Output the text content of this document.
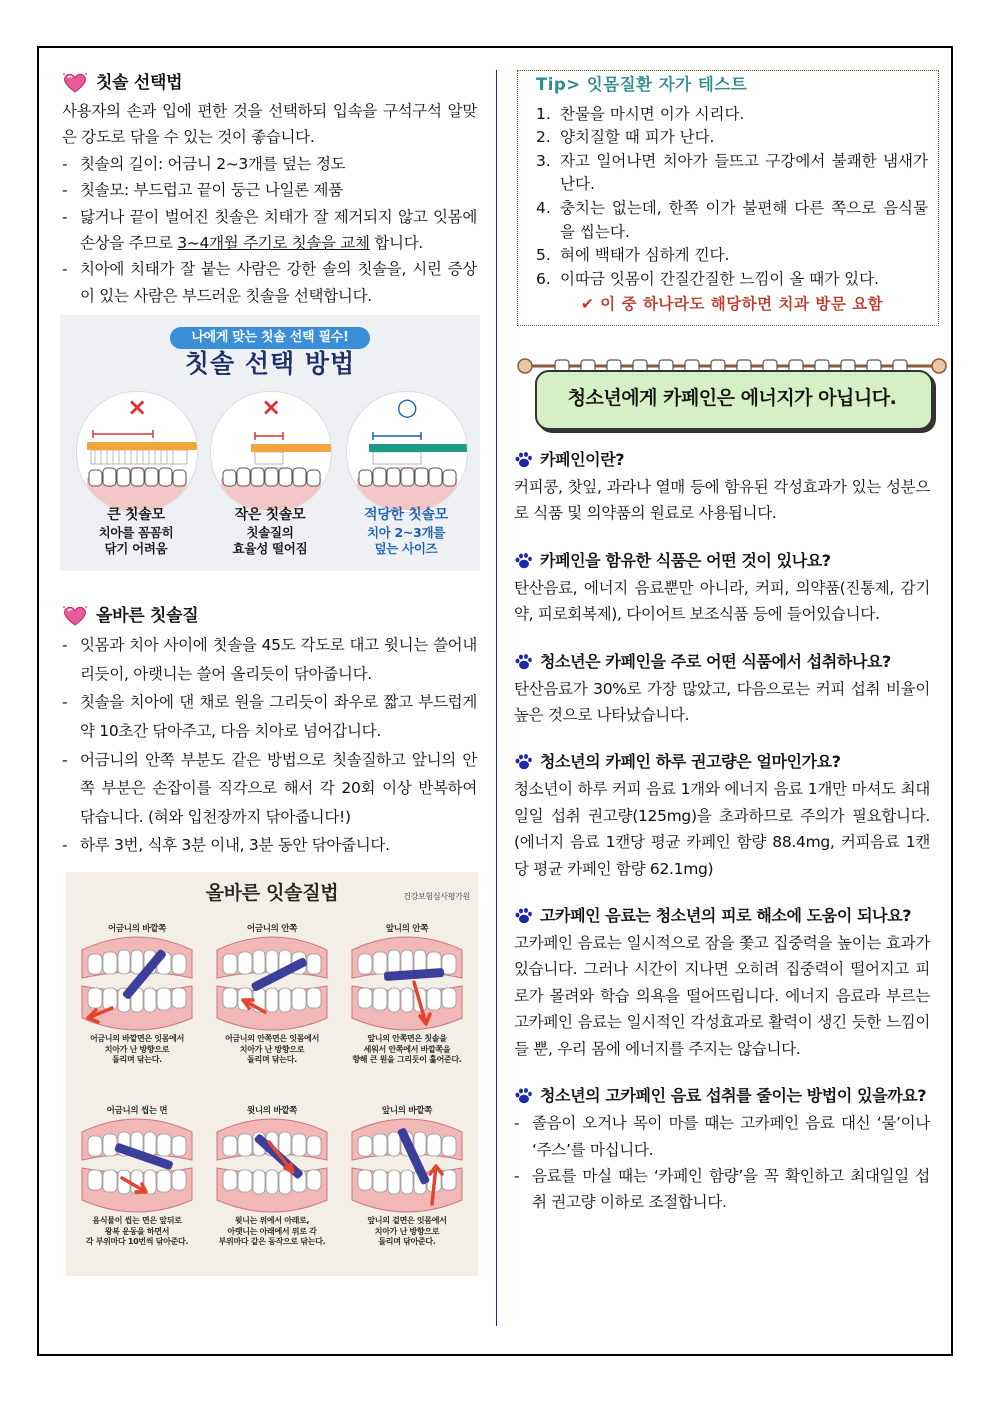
칫솔 선택법

사용자의 손과 입에 편한 것을 선택하되 입속을 구석구석 알맞은 강도로 닦을 수 있는 것이 좋습니다.

- 칫솔의 길이: 어금니 2~3개를 덮는 정도
- 칫솔모: 부드럽고 끝이 둥근 나일론 제품
- 닳거나 끝이 벌어진 칫솔은 치태가 잘 제거되지 않고 잇몸에 손상을 주므로 3~4개월 주기로 칫솔을 교체 합니다.
- 치아에 치태가 잘 붙는 사람은 강한 솔의 칫솔을, 시린 증상이 있는 사람은 부드러운 칫솔을 선택합니다.
나에게 맞는 칫솔 선택 필수!
칫솔 선택 방법
×	×	○
큰 칫솔모
치아를 꼼꼼히
닦기 어려움
작은 칫솔모
칫솔질의
효율성 떨어짐
적당한 칫솔모
치아 2~3개를
덮는 사이즈
올바른 칫솔질
- 잇몸과 치아 사이에 칫솔을 45도 각도로 대고 윗니는 쓸어내리듯이, 아랫니는 쓸어 올리듯이 닦아줍니다.
- 칫솔을 치아에 댄 채로 원을 그리듯이 좌우로 짧고 부드럽게 약 10초간 닦아주고, 다음 치아로 넘어갑니다.
- 어금니의 안쪽 부분도 같은 방법으로 칫솔질하고 앞니의 안쪽 부분은 손잡이를 직각으로 해서 각 20회 이상 반복하여 닦습니다. (혀와 입천장까지 닦아줍니다!)
- 하루 3번, 식후 3분 이내, 3분 동안 닦아줍니다.
올바른 잇솔질법	건강보험심사평가원
어금니의 바깥쪽
어금니의 바깥면은 잇몸에서
치아가 난 방향으로
돌리며 닦는다.
어금니의 안쪽
어금니의 안쪽면은 잇몸에서
치아가 난 방향으로
돌리며 닦는다.
앞니의 안쪽
앞니의 안쪽면은 칫솔을
세워서 안쪽에서 바깥쪽을
향해 큰 원을 그리듯이 훑어준다.
어금니의 씹는 면
음식물이 씹는 면은 앞뒤로
왕복 운동을 하면서
각 부위마다 10번씩 닦아준다.
윗니의 바깥쪽
윗니는 위에서 아래로,
아랫니는 아래에서 위로 각
부위마다 같은 동작으로 닦는다.
앞니의 바깥쪽
앞니의 겉면은 잇몸에서
치아가 난 방향으로
돌리며 닦아준다.
Tip> 잇몸질환 자가 테스트
1. 찬물을 마시면 이가 시리다.
2. 양치질할 때 피가 난다.
3. 자고 일어나면 치아가 들뜨고 구강에서 불쾌한 냄새가 난다.
4. 충치는 없는데, 한쪽 이가 불편해 다른 쪽으로 음식물을 씹는다.
5. 혀에 백태가 심하게 낀다.
6. 이따금 잇몸이 간질간질한 느낌이 올 때가 있다.
✔ 이 중 하나라도 해당하면 치과 방문 요함
청소년에게 카페인은 에너지가 아닙니다.
카페인이란?

커피콩, 찻잎, 과라나 열매 등에 함유된 각성효과가 있는 성분으로 식품 및 의약품의 원료로 사용됩니다.

카페인을 함유한 식품은 어떤 것이 있나요?

탄산음료, 에너지 음료뿐만 아니라, 커피, 의약품(진통제, 감기약, 피로회복제), 다이어트 보조식품 등에 들어있습니다.

청소년은 카페인을 주로 어떤 식품에서 섭취하나요?

탄산음료가 30%로 가장 많았고, 다음으로는 커피 섭취 비율이 높은 것으로 나타났습니다.

청소년의 카페인 하루 권고량은 얼마인가요?

청소년이 하루 커피 음료 1개와 에너지 음료 1개만 마셔도 최대일일 섭취 권고량(125mg)을 초과하므로 주의가 필요합니다. (에너지 음료 1캔당 평균 카페인 함량 88.4mg, 커피음료 1캔당 평균 카페인 함량 62.1mg)

고카페인 음료는 청소년의 피로 해소에 도움이 되나요?

고카페인 음료는 일시적으로 잠을 쫓고 집중력을 높이는 효과가 있습니다. 그러나 시간이 지나면 오히려 집중력이 떨어지고 피로가 몰려와 학습 의욕을 떨어뜨립니다. 에너지 음료라 부르는 고카페인 음료는 일시적인 각성효과로 활력이 생긴 듯한 느낌이 들 뿐, 우리 몸에 에너지를 주지는 않습니다.

청소년의 고카페인 음료 섭취를 줄이는 방법이 있을까요?
- 졸음이 오거나 목이 마를 때는 고카페인 음료 대신 ‘물’이나 ‘주스’를 마십니다.
- 음료를 마실 때는 ‘카페인 함량’을 꼭 확인하고 최대일일 섭취 권고량 이하로 조절합니다.
